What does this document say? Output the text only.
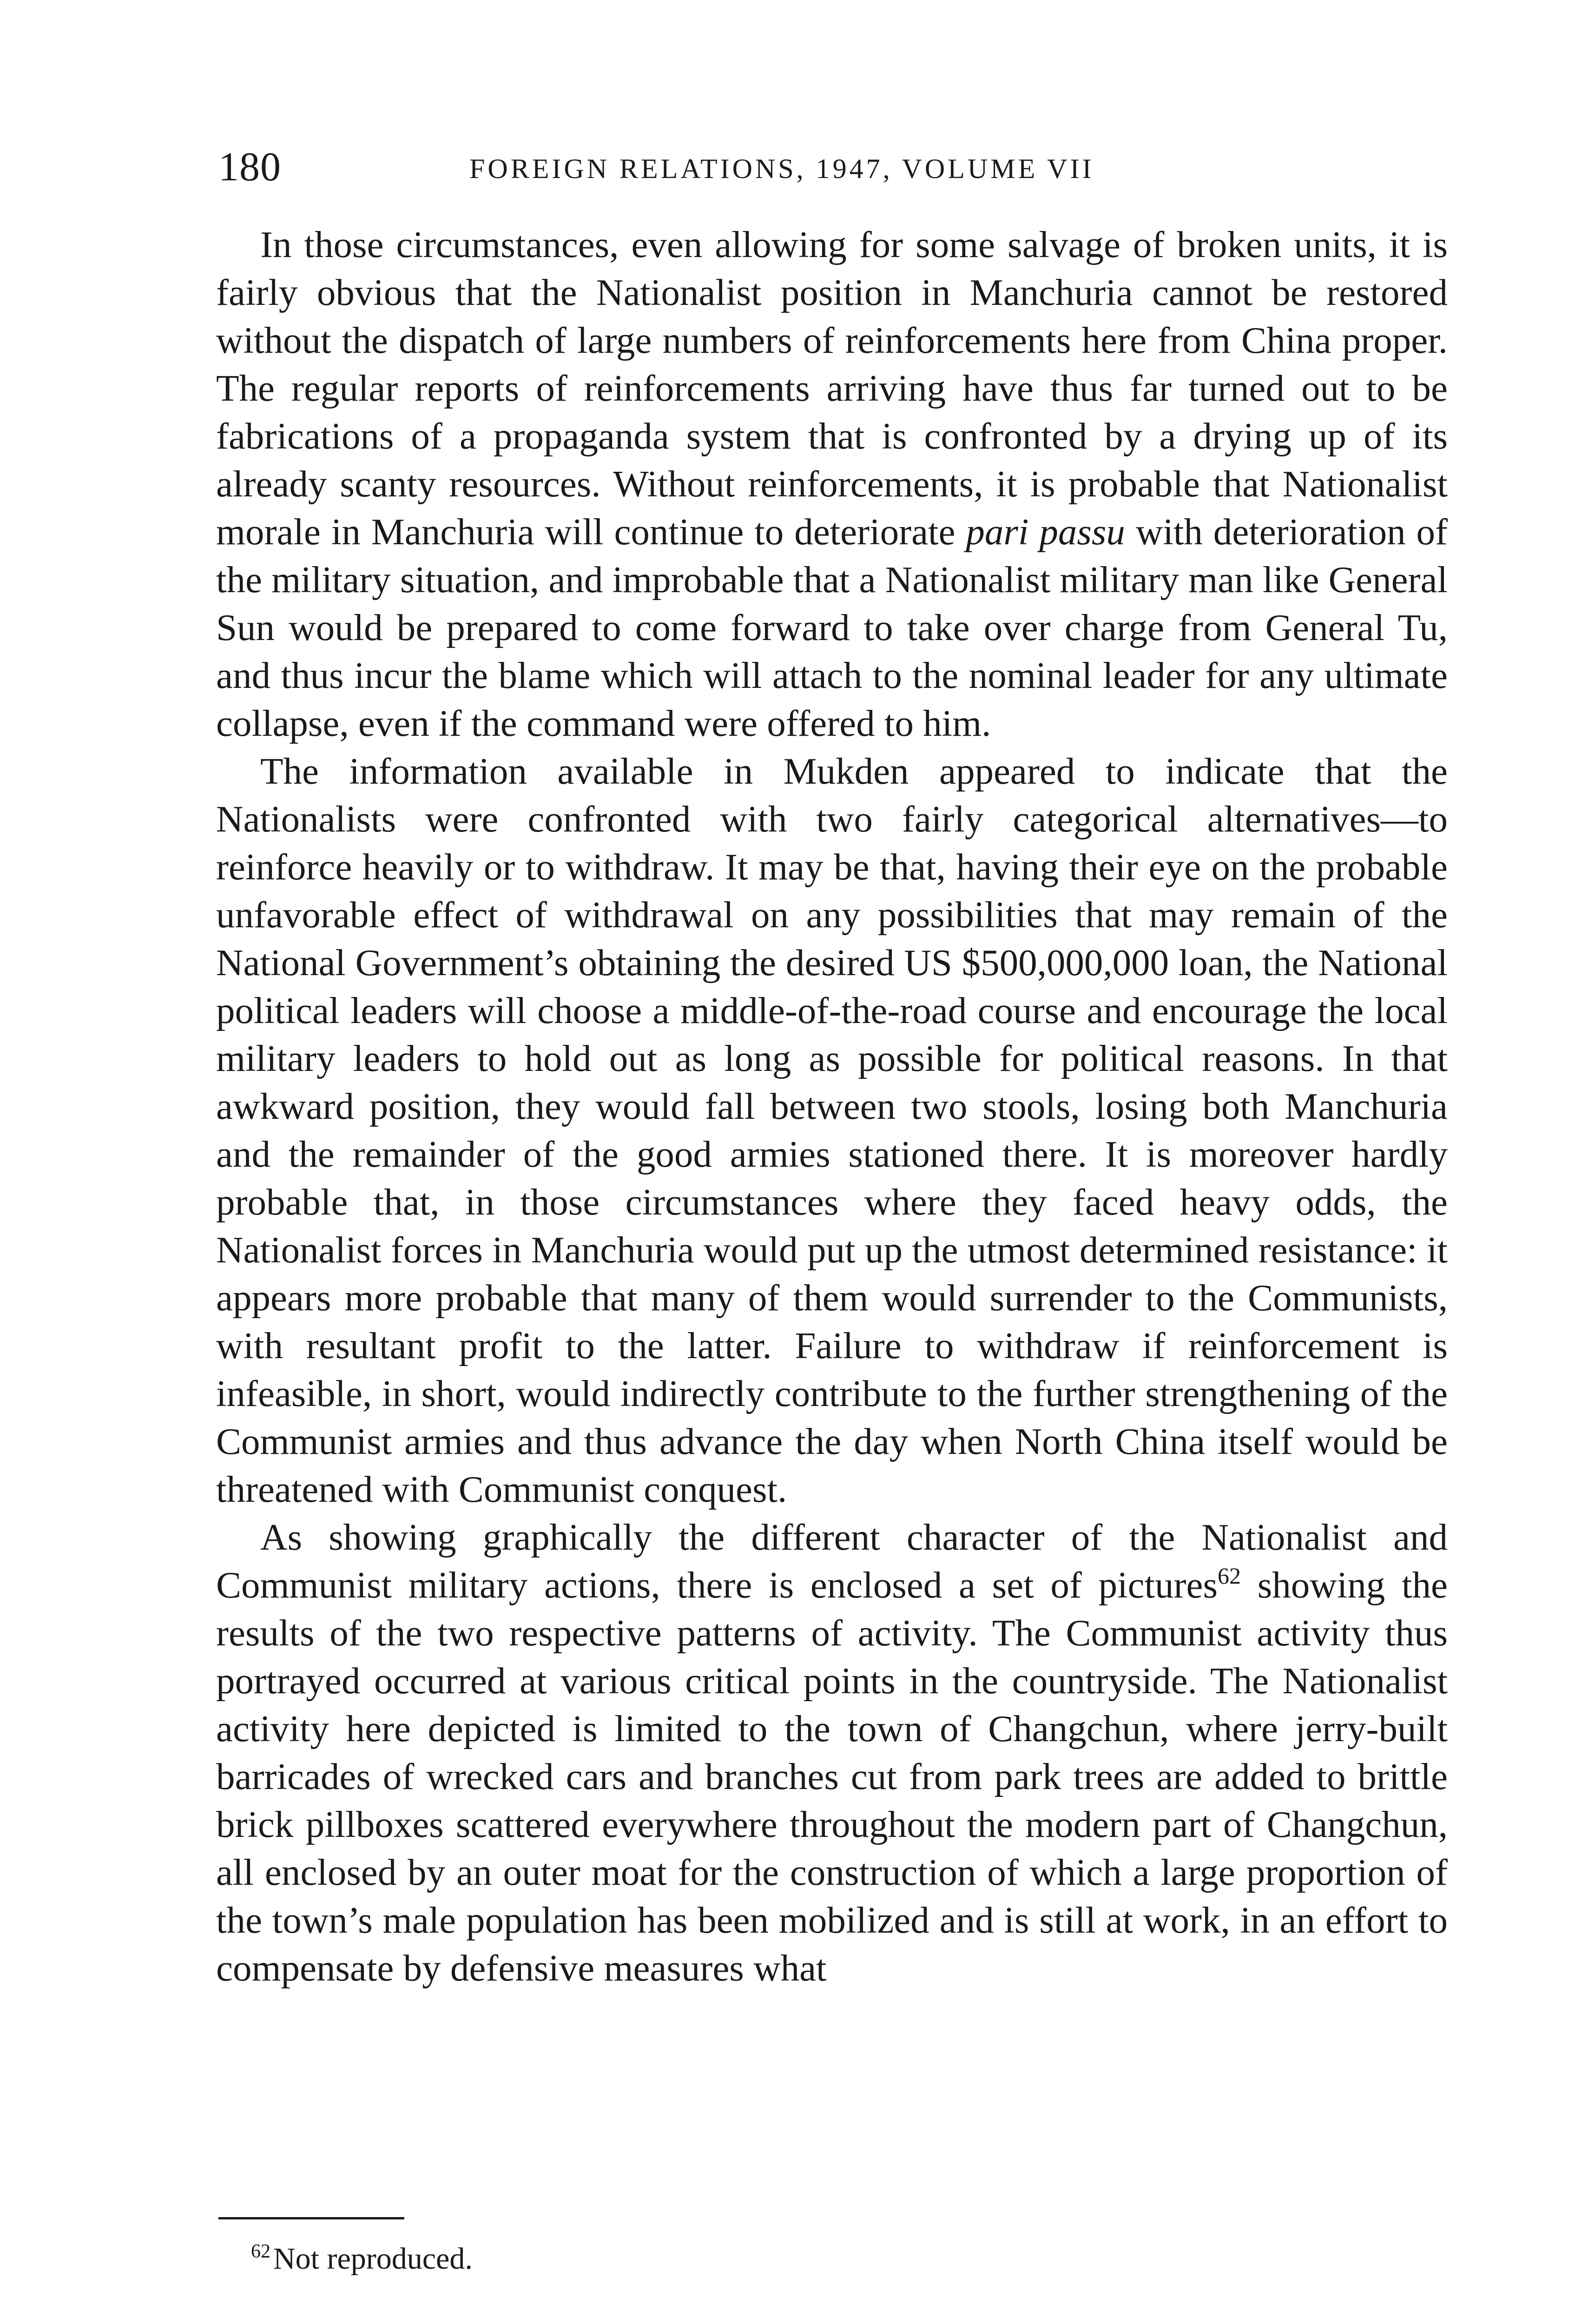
180	FOREIGN RELATIONS, 1947, VOLUME VII

In those circumstances, even allowing for some salvage of broken units, it is fairly obvious that the Nationalist position in Manchuria cannot be restored without the dispatch of large numbers of reinforcements here from China proper. The regular reports of reinforcements arriving have thus far turned out to be fabrications of a propaganda system that is confronted by a drying up of its already scanty resources. Without reinforcements, it is probable that Nationalist morale in Manchuria will continue to deteriorate pari passu with deterioration of the military situation, and improbable that a Nationalist military man like General Sun would be prepared to come forward to take over charge from General Tu, and thus incur the blame which will attach to the nominal leader for any ultimate collapse, even if the command were offered to him.

The information available in Mukden appeared to indicate that the Nationalists were confronted with two fairly categorical alternatives—to reinforce heavily or to withdraw. It may be that, having their eye on the probable unfavorable effect of withdrawal on any possibilities that may remain of the National Government’s obtaining the desired US $500,000,000 loan, the National political leaders will choose a middle-of-the-road course and encourage the local military leaders to hold out as long as possible for political reasons. In that awkward position, they would fall between two stools, losing both Manchuria and the remainder of the good armies stationed there. It is moreover hardly probable that, in those circumstances where they faced heavy odds, the Nationalist forces in Manchuria would put up the utmost determined resistance: it appears more probable that many of them would surrender to the Communists, with resultant profit to the latter. Failure to withdraw if reinforcement is infeasible, in short, would indirectly contribute to the further strengthening of the Communist armies and thus advance the day when North China itself would be threatened with Communist conquest.

As showing graphically the different character of the Nationalist and Communist military actions, there is enclosed a set of pictures$^{62}$ showing the results of the two respective patterns of activity. The Communist activity thus portrayed occurred at various critical points in the countryside. The Nationalist activity here depicted is limited to the town of Changchun, where jerry-built barricades of wrecked cars and branches cut from park trees are added to brittle brick pillboxes scattered everywhere throughout the modern part of Changchun, all enclosed by an outer moat for the construction of which a large proportion of the town’s male population has been mobilized and is still at work, in an effort to compensate by defensive measures what

$^{62}$Not reproduced.
